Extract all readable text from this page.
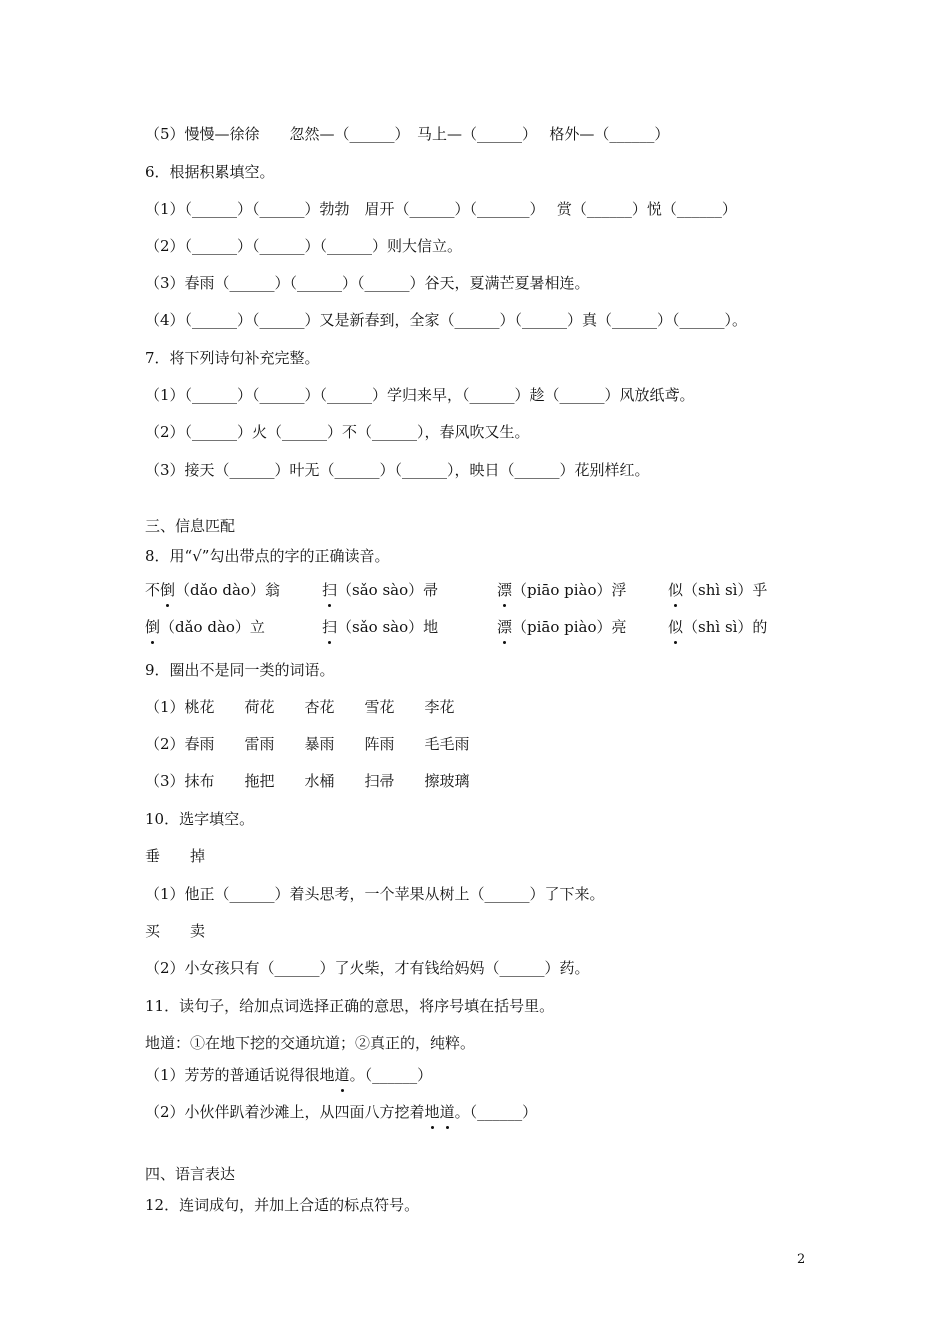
（5）慢慢—徐徐　　忽然—（______）　马上—（______）　 格外—（______）
6．根据积累填空。
（1）（______）（______）勃勃　眉开（______）（_______）　 赏（______）悦（______）
（2）（______）（______）（______）则大信立。
（3）春雨（______）（______）（______）谷天，夏满芒夏暑相连。
（4）（______）（______）又是新春到，全家（______）（______）真（______）（______）。
7．将下列诗句补充完整。
（1）（______）（______）（______）学归来早，（______）趁（______）风放纸鸢。
（2）（______）火（______）不（______），春风吹又生。
（3）接天（______）叶无（______）（______），映日（______）花别样红。
三、信息匹配
8．用“√”勾出带点的字的正确读音。
不倒（dǎo dào）翁	扫（sǎo sào）帚	漂（piāo piào）浮	似（shì sì）乎
倒（dǎo dào）立	扫（sǎo sào）地	漂（piāo piào）亮	似（shì sì）的
9．圈出不是同一类的词语。
（1）桃花　　荷花　　杏花　　雪花　　李花
（2）春雨　　雷雨　　暴雨　　阵雨　　毛毛雨
（3）抹布　　拖把　　水桶　　扫帚　　擦玻璃
10．选字填空。
垂　　掉
（1）他正（______）着头思考，一个苹果从树上（______）了下来。
买　　卖
（2）小女孩只有（______）了火柴，才有钱给妈妈（______）药。
11．读句子，给加点词选择正确的意思，将序号填在括号里。
地道：①在地下挖的交通坑道；②真正的，纯粹。
（1）芳芳的普通话说得很地道。（______）
（2）小伙伴趴着沙滩上，从四面八方挖着地道。（______）
四、语言表达
12．连词成句，并加上合适的标点符号。
2
